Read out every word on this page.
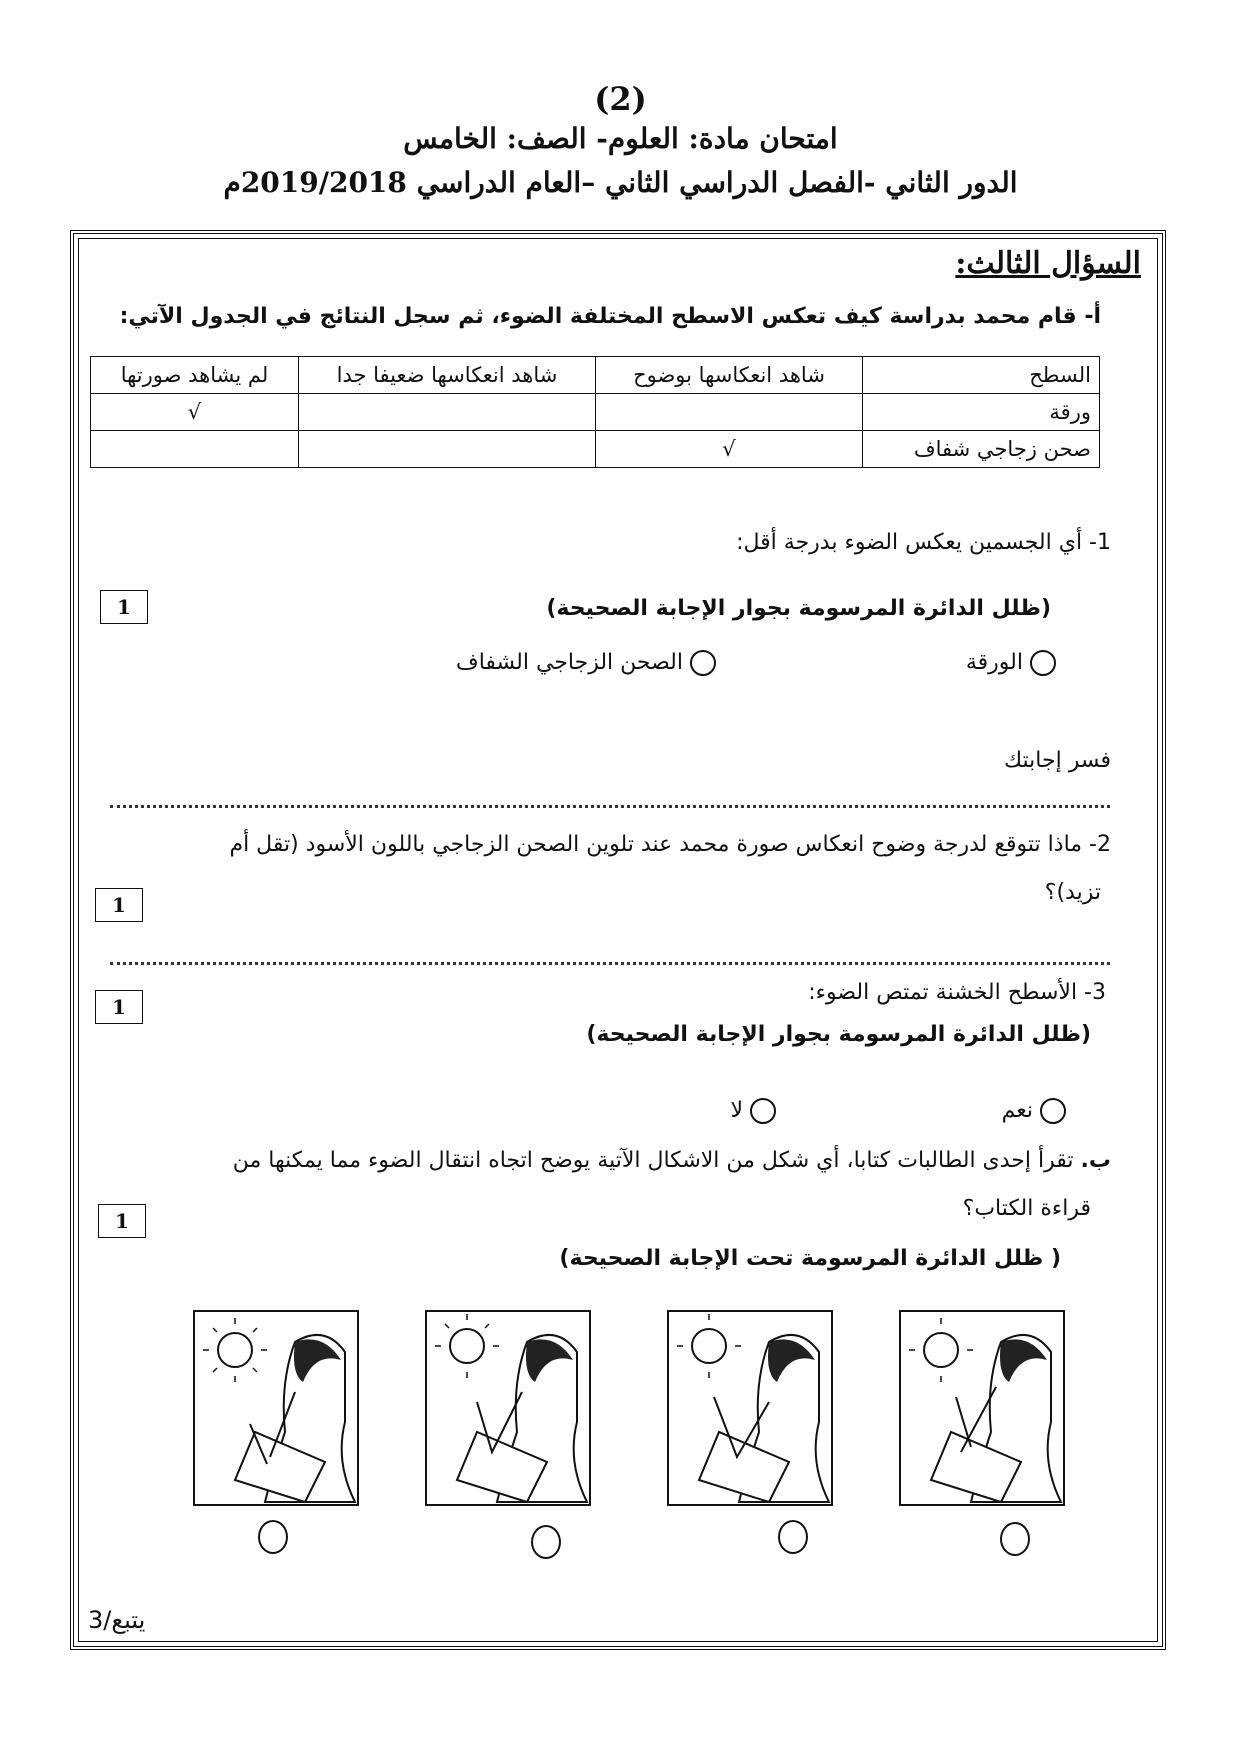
(2)
امتحان مادة: العلوم- الصف: الخامس
الدور الثاني -الفصل الدراسي الثاني –العام الدراسي 2019/2018م
السؤال الثالث:
أ- قام محمد بدراسة كيف تعكس الاسطح المختلفة الضوء، ثم سجل النتائج في الجدول الآتي:
السطح	شاهد انعكاسها بوضوح	شاهد انعكاسها ضعيفا جدا	لم يشاهد صورتها
ورقة			√
صحن زجاجي شفاف	√		
1- أي الجسمين يعكس الضوء بدرجة أقل:
1	(ظلل الدائرة المرسومة بجوار الإجابة الصحيحة)
الورقة
الصحن الزجاجي الشفاف
فسر إجابتك
2- ماذا تتوقع لدرجة وضوح انعكاس صورة محمد عند تلوين الصحن الزجاجي باللون الأسود (تقل أم
تزيد)؟
1
3- الأسطح الخشنة تمتص الضوء:
1
(ظلل الدائرة المرسومة بجوار الإجابة الصحيحة)
نعم
لا
ب. تقرأ إحدى الطالبات كتابا، أي شكل من الاشكال الآتية يوضح اتجاه انتقال الضوء مما يمكنها من
قراءة الكتاب؟
1
( ظلل الدائرة المرسومة تحت الإجابة الصحيحة)
يتبع/3
